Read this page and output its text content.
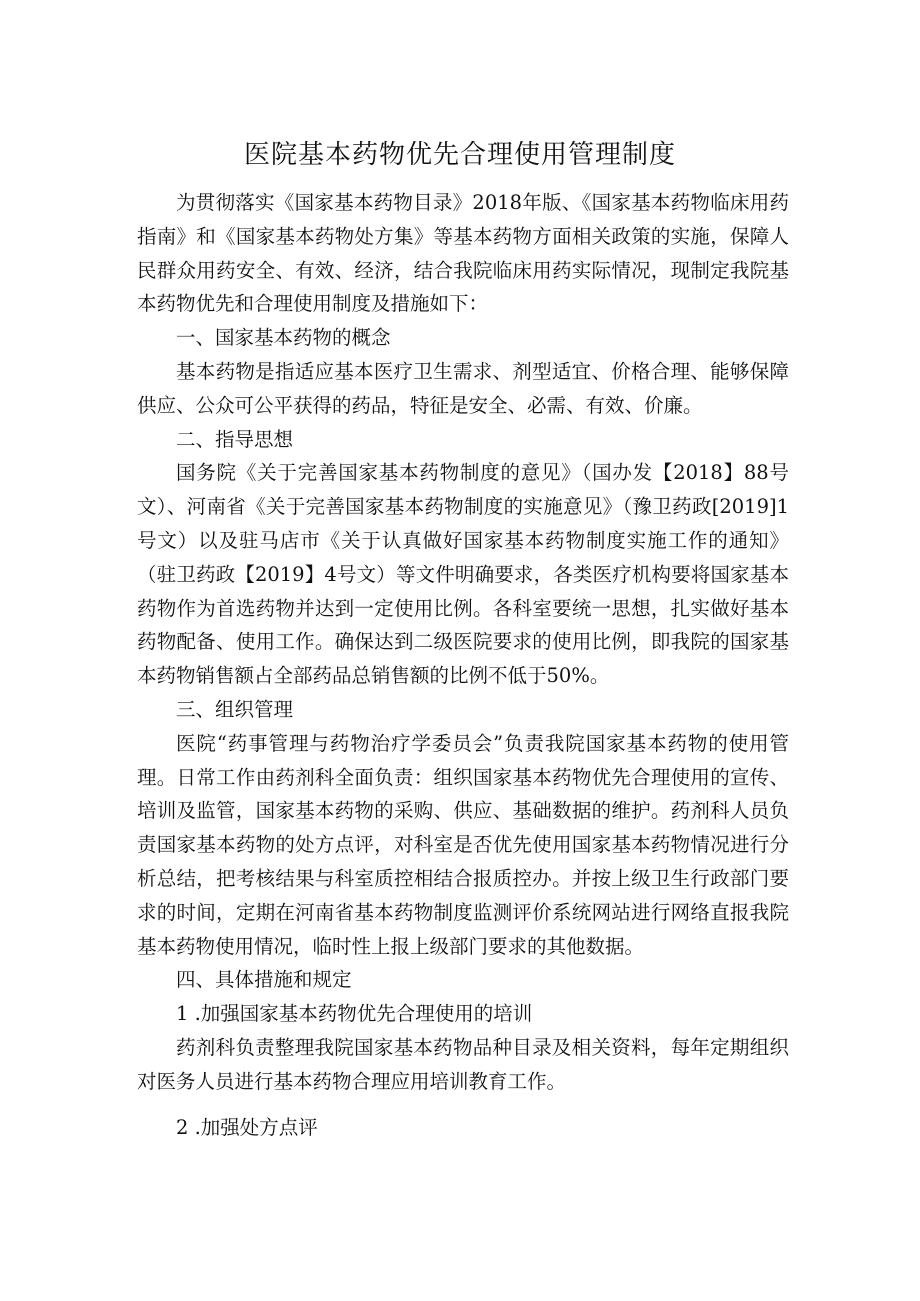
医院基本药物优先合理使用管理制度

为贯彻落实《国家基本药物目录》2018年版、《国家基本药物临床用药指南》和《国家基本药物处方集》等基本药物方面相关政策的实施，保障人民群众用药安全、有效、经济，结合我院临床用药实际情况，现制定我院基本药物优先和合理使用制度及措施如下：

一、国家基本药物的概念

基本药物是指适应基本医疗卫生需求、剂型适宜、价格合理、能够保障供应、公众可公平获得的药品，特征是安全、必需、有效、价廉。

二、指导思想

国务院《关于完善国家基本药物制度的意见》（国办发【2018】88号文）、河南省《关于完善国家基本药物制度的实施意见》（豫卫药政[2019]1号文）以及驻马店市《关于认真做好国家基本药物制度实施工作的通知》（驻卫药政【2019】4号文）等文件明确要求，各类医疗机构要将国家基本药物作为首选药物并达到一定使用比例。各科室要统一思想，扎实做好基本药物配备、使用工作。确保达到二级医院要求的使用比例，即我院的国家基本药物销售额占全部药品总销售额的比例不低于50%。

三、组织管理

医院“药事管理与药物治疗学委员会”负责我院国家基本药物的使用管理。日常工作由药剂科全面负责：组织国家基本药物优先合理使用的宣传、培训及监管，国家基本药物的采购、供应、基础数据的维护。药剂科人员负责国家基本药物的处方点评，对科室是否优先使用国家基本药物情况进行分析总结，把考核结果与科室质控相结合报质控办。并按上级卫生行政部门要求的时间，定期在河南省基本药物制度监测评价系统网站进行网络直报我院基本药物使用情况，临时性上报上级部门要求的其他数据。

四、具体措施和规定

1 .加强国家基本药物优先合理使用的培训

药剂科负责整理我院国家基本药物品种目录及相关资料，每年定期组织对医务人员进行基本药物合理应用培训教育工作。

2 .加强处方点评
